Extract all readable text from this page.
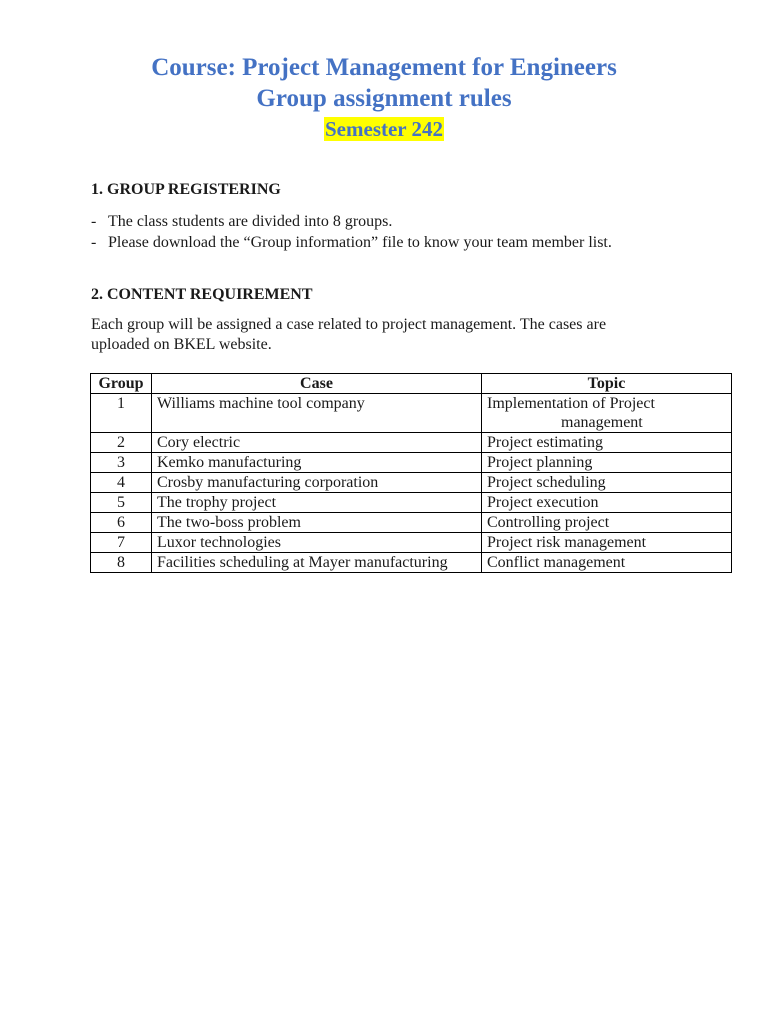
Course: Project Management for Engineers
Group assignment rules
Semester 242
1. GROUP REGISTERING
- The class students are divided into 8 groups.
- Please download the “Group information” file to know your team member list.
2. CONTENT REQUIREMENT

Each group will be assigned a case related to project management. The cases are uploaded on BKEL website.

Group	Case	Topic
1	Williams machine tool company	Implementation of Project
management

2	Cory electric	Project estimating
3	Kemko manufacturing	Project planning
4	Crosby manufacturing corporation	Project scheduling
5	The trophy project	Project execution
6	The two-boss problem	Controlling project
7	Luxor technologies	Project risk management
8	Facilities scheduling at Mayer manufacturing	Conflict management
